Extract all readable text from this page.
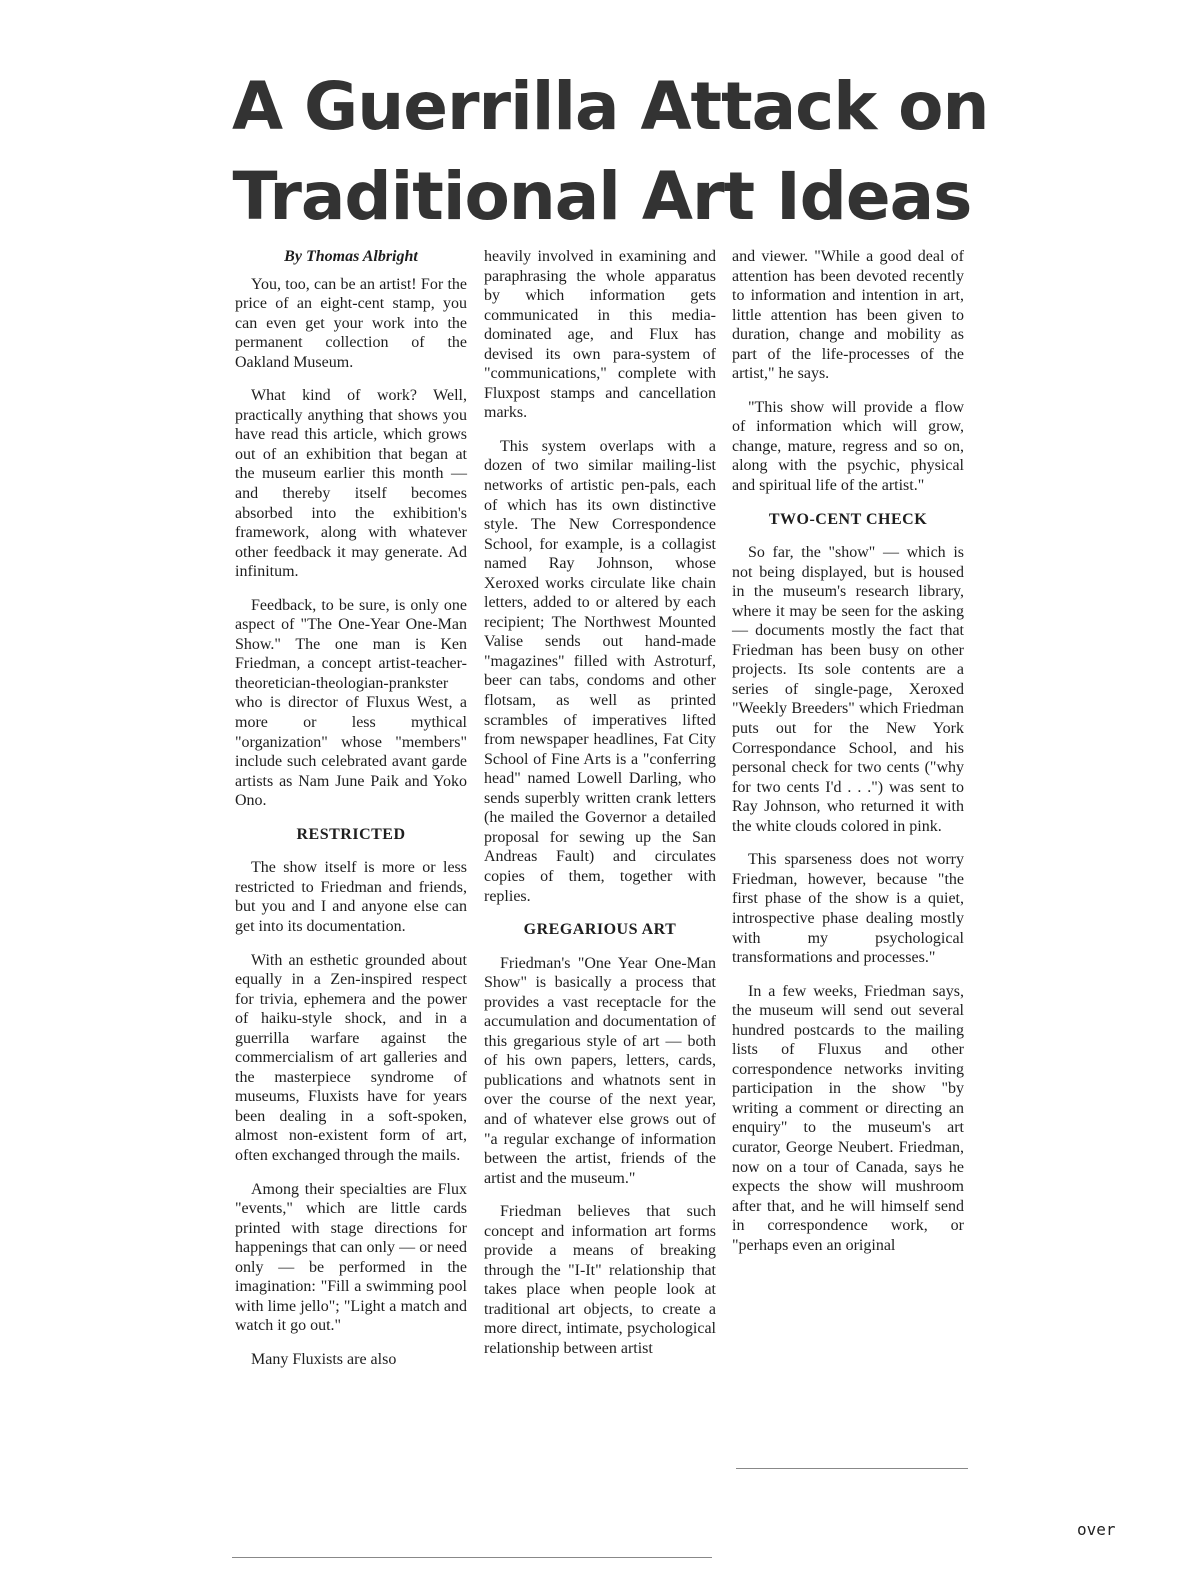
A Guerrilla Attack on
Traditional Art Ideas
By Thomas Albright

You, too, can be an artist! For the price of an eight-cent stamp, you can even get your work into the permanent collection of the Oakland Museum.

What kind of work? Well, practically anything that shows you have read this article, which grows out of an exhibition that began at the museum earlier this month — and thereby itself becomes absorbed into the exhibition's framework, along with whatever other feedback it may generate. Ad infinitum.

Feedback, to be sure, is only one aspect of "The One-Year One-Man Show." The one man is Ken Friedman, a concept artist-teacher-theoretician-theologian-prankster who is director of Fluxus West, a more or less mythical "organization" whose "members" include such celebrated avant garde artists as Nam June Paik and Yoko Ono.

RESTRICTED

The show itself is more or less restricted to Friedman and friends, but you and I and anyone else can get into its documentation.

With an esthetic grounded about equally in a Zen-inspired respect for trivia, ephemera and the power of haiku-style shock, and in a guerrilla warfare against the commercialism of art galleries and the masterpiece syndrome of museums, Fluxists have for years been dealing in a soft-spoken, almost non-existent form of art, often exchanged through the mails.

Among their specialties are Flux "events," which are little cards printed with stage directions for happenings that can only — or need only — be performed in the imagination: "Fill a swimming pool with lime jello"; "Light a match and watch it go out."

Many Fluxists are also

heavily involved in examining and paraphrasing the whole apparatus by which information gets communicated in this media-dominated age, and Flux has devised its own para-system of "communications," complete with Fluxpost stamps and cancellation marks.

This system overlaps with a dozen of two similar mailing-list networks of artistic pen-pals, each of which has its own distinctive style. The New Correspondence School, for example, is a collagist named Ray Johnson, whose Xeroxed works circulate like chain letters, added to or altered by each recipient; The Northwest Mounted Valise sends out hand-made "magazines" filled with Astroturf, beer can tabs, condoms and other flotsam, as well as printed scrambles of imperatives lifted from newspaper headlines, Fat City School of Fine Arts is a "conferring head" named Lowell Darling, who sends superbly written crank letters (he mailed the Governor a detailed proposal for sewing up the San Andreas Fault) and circulates copies of them, together with replies.

GREGARIOUS ART

Friedman's "One Year One-Man Show" is basically a process that provides a vast receptacle for the accumulation and documentation of this gregarious style of art — both of his own papers, letters, cards, publications and whatnots sent in over the course of the next year, and of whatever else grows out of "a regular exchange of information between the artist, friends of the artist and the museum."

Friedman believes that such concept and information art forms provide a means of breaking through the "I-It" relationship that takes place when people look at traditional art objects, to create a more direct, intimate, psychological relationship between artist

and viewer. "While a good deal of attention has been devoted recently to information and intention in art, little attention has been given to duration, change and mobility as part of the life-processes of the artist," he says.

"This show will provide a flow of information which will grow, change, mature, regress and so on, along with the psychic, physical and spiritual life of the artist."

TWO-CENT CHECK

So far, the "show" — which is not being displayed, but is housed in the museum's research library, where it may be seen for the asking — documents mostly the fact that Friedman has been busy on other projects. Its sole contents are a series of single-page, Xeroxed "Weekly Breeders" which Friedman puts out for the New York Correspondance School, and his personal check for two cents ("why for two cents I'd . . .") was sent to Ray Johnson, who returned it with the white clouds colored in pink.

This sparseness does not worry Friedman, however, because "the first phase of the show is a quiet, introspective phase dealing mostly with my psychological transformations and processes."

In a few weeks, Friedman says, the museum will send out several hundred postcards to the mailing lists of Fluxus and other correspondence networks inviting participation in the show "by writing a comment or directing an enquiry" to the museum's art curator, George Neubert. Friedman, now on a tour of Canada, says he expects the show will mushroom after that, and he will himself send in correspondence work, or "perhaps even an original

over
